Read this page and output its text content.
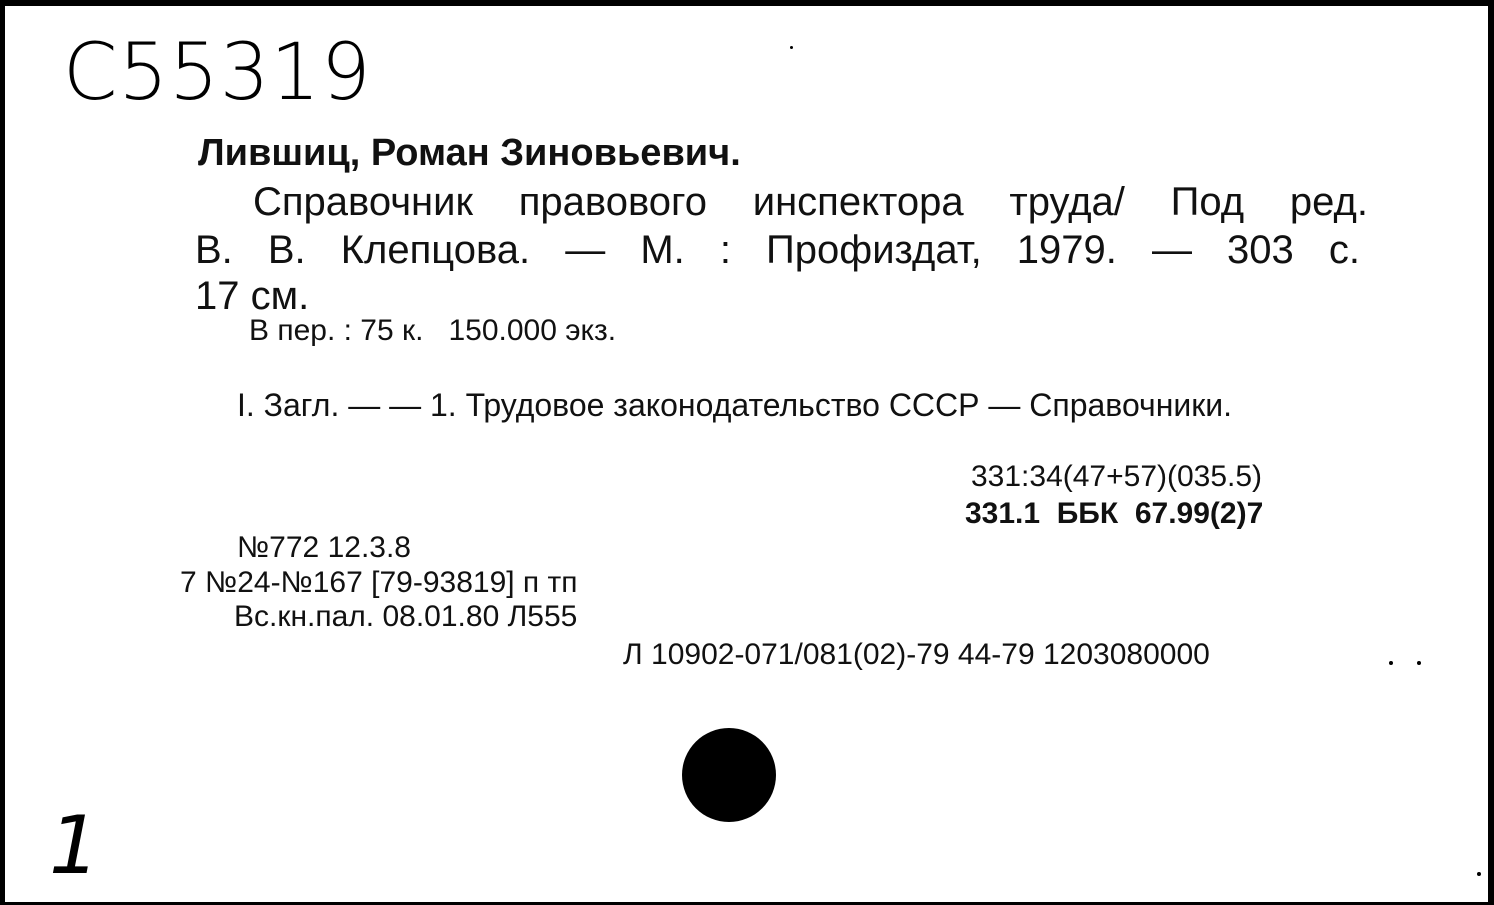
С55319
Лившиц, Роман Зиновьевич.
Справочник правового инспектора труда/ Под ред.
В. В. Клепцова. — М. : Профиздат, 1979. — 303 с.
17 см.
В пер. : 75 к.   150.000 экз.
I. Загл. — — 1. Трудовое законодательство СССР — Справочники.
331:34(47+57)(035.5)
331.1  ББК  67.99(2)7
№772 12.3.8
7 №24-№167 [79-93819] п тп
Вс.кн.пал. 08.01.80 Л555
Л 10902-071/081(02)-79 44-79 1203080000
1
